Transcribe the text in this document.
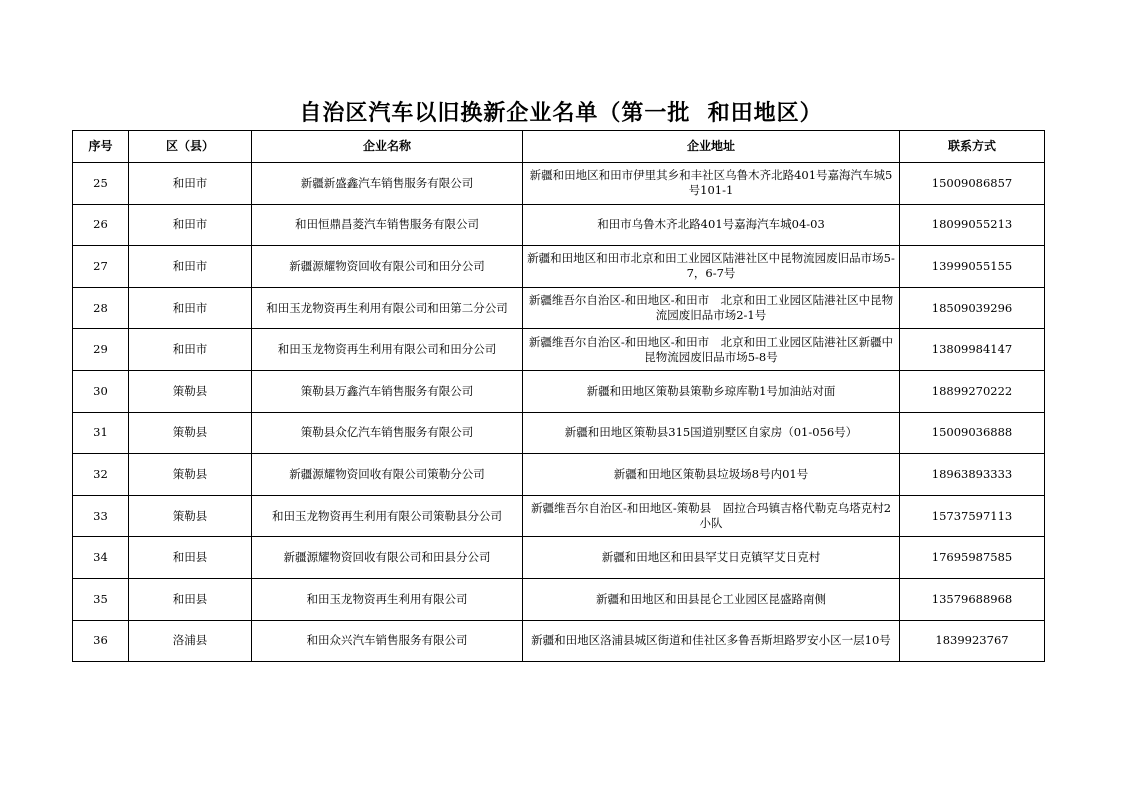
自治区汽车以旧换新企业名单（第一批  和田地区）
序号	区（县）	企业名称	企业地址	联系方式
25	和田市	新疆新盛鑫汽车销售服务有限公司	新疆和田地区和田市伊里其乡和丰社区乌鲁木齐北路401号嘉海汽车城5号101-1	15009086857
26	和田市	和田恒鼎昌菱汽车销售服务有限公司	和田市乌鲁木齐北路401号嘉海汽车城04-03	18099055213
27	和田市	新疆源耀物资回收有限公司和田分公司	新疆和田地区和田市北京和田工业园区陆港社区中昆物流园废旧品市场5-7，6-7号	13999055155
28	和田市	和田玉龙物资再生利用有限公司和田第二分公司	新疆维吾尔自治区-和田地区-和田市　北京和田工业园区陆港社区中昆物流园废旧品市场2-1号	18509039296
29	和田市	和田玉龙物资再生利用有限公司和田分公司	新疆维吾尔自治区-和田地区-和田市　北京和田工业园区陆港社区新疆中昆物流园废旧品市场5-8号	13809984147
30	策勒县	策勒县万鑫汽车销售服务有限公司	新疆和田地区策勒县策勒乡琼库勒1号加油站对面	18899270222
31	策勒县	策勒县众亿汽车销售服务有限公司	新疆和田地区策勒县315国道别墅区自家房（01-056号）	15009036888
32	策勒县	新疆源耀物资回收有限公司策勒分公司	新疆和田地区策勒县垃圾场8号内01号	18963893333
33	策勒县	和田玉龙物资再生利用有限公司策勒县分公司	新疆维吾尔自治区-和田地区-策勒县　固拉合玛镇吉格代勒克乌塔克村2小队	15737597113
34	和田县	新疆源耀物资回收有限公司和田县分公司	新疆和田地区和田县罕艾日克镇罕艾日克村	17695987585
35	和田县	和田玉龙物资再生利用有限公司	新疆和田地区和田县昆仑工业园区昆盛路南侧	13579688968
36	洛浦县	和田众兴汽车销售服务有限公司	新疆和田地区洛浦县城区街道和佳社区多鲁吾斯坦路罗安小区一层10号	1839923767
